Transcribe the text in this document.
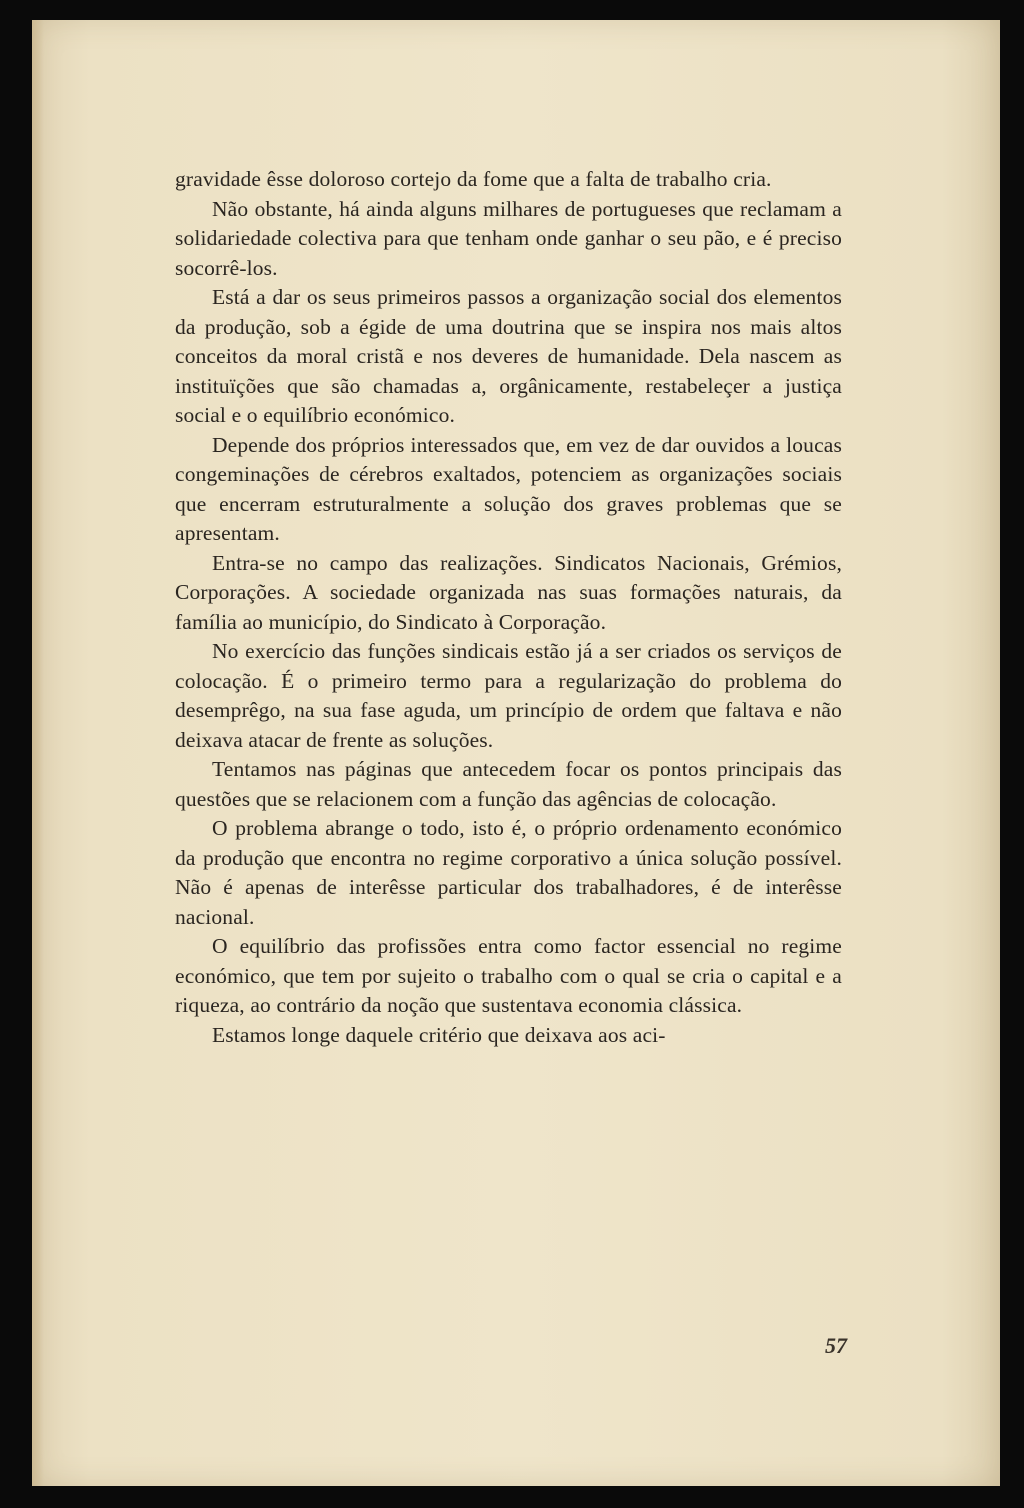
gravidade êsse doloroso cortejo da fome que a falta de trabalho cria.

Não obstante, há ainda alguns milhares de portugueses que reclamam a solidariedade colectiva para que tenham onde ganhar o seu pão, e é preciso socorrê-los.

Está a dar os seus primeiros passos a organização social dos elementos da produção, sob a égide de uma doutrina que se inspira nos mais altos conceitos da moral cristã e nos deveres de humanidade. Dela nascem as instituïções que são chamadas a, orgânicamente, restabeleçer a justiça social e o equilíbrio económico.

Depende dos próprios interessados que, em vez de dar ouvidos a loucas congeminações de cérebros exaltados, potenciem as organizações sociais que encerram estruturalmente a solução dos graves problemas que se apresentam.

Entra-se no campo das realizações. Sindicatos Nacionais, Grémios, Corporações. A sociedade organizada nas suas formações naturais, da família ao município, do Sindicato à Corporação.

No exercício das funções sindicais estão já a ser criados os serviços de colocação. É o primeiro termo para a regularização do problema do desemprêgo, na sua fase aguda, um princípio de ordem que faltava e não deixava atacar de frente as soluções.

Tentamos nas páginas que antecedem focar os pontos principais das questões que se relacionem com a função das agências de colocação.

O problema abrange o todo, isto é, o próprio ordenamento económico da produção que encontra no regime corporativo a única solução possível. Não é apenas de interêsse particular dos trabalhadores, é de interêsse nacional.

O equilíbrio das profissões entra como factor essencial no regime económico, que tem por sujeito o trabalho com o qual se cria o capital e a riqueza, ao contrário da noção que sustentava economia clássica.

Estamos longe daquele critério que deixava aos aci-

57
